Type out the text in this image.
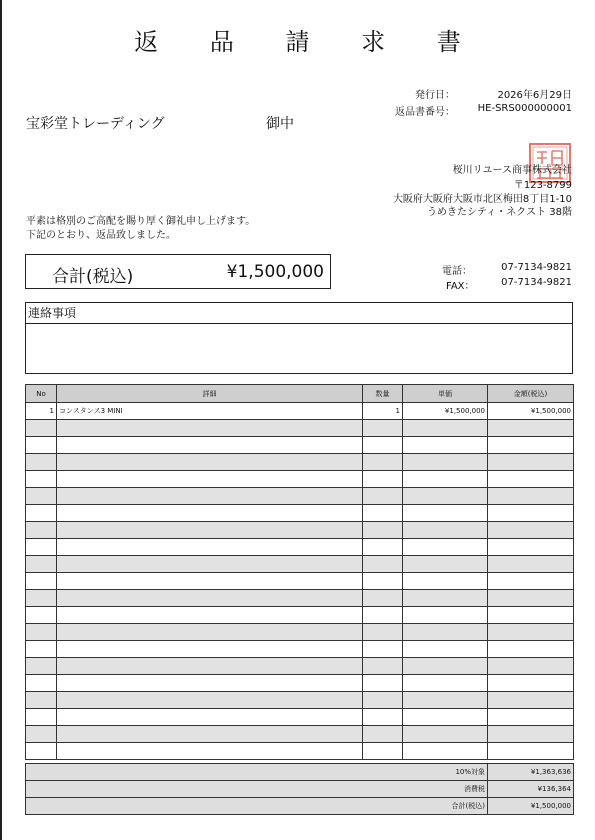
返 品 請 求 書
発行日：	2026年6月29日
返品書番号： HE-SRS000000001
宝彩堂トレーディング	御中
桜川リユース商事株式会社
〒123-8799
大阪府大阪府大阪市北区梅田8丁目1-10
うめきたシティ・ネクスト 38階
平素は格別のご高配を賜り厚く御礼申し上げます。
下記のとおり、返品致しました。
合計(税込)	¥1,500,000	電話：	07-7134-9821
FAX：	07-7134-9821
連絡事項
No	詳細	数量	単価	金額(税込)
1	コンスタンス3 MINI	1	¥1,500,000	¥1,500,000

10%対象	¥1,363,636
消費税	¥136,364
合計(税込)	¥1,500,000
